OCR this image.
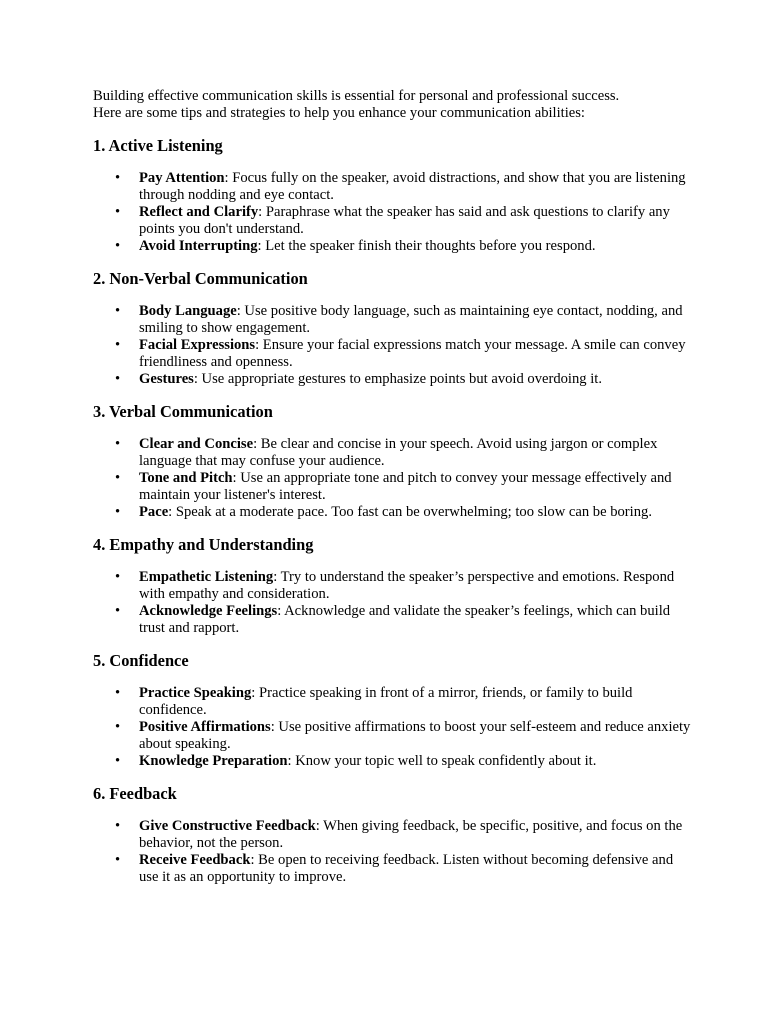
Building effective communication skills is essential for personal and professional success.
Here are some tips and strategies to help you enhance your communication abilities:

1. Active Listening
• Pay Attention: Focus fully on the speaker, avoid distractions, and show that you are listening through nodding and eye contact.
• Reflect and Clarify: Paraphrase what the speaker has said and ask questions to clarify any points you don't understand.
• Avoid Interrupting: Let the speaker finish their thoughts before you respond.
2. Non-Verbal Communication
• Body Language: Use positive body language, such as maintaining eye contact, nodding, and smiling to show engagement.
• Facial Expressions: Ensure your facial expressions match your message. A smile can convey friendliness and openness.
• Gestures: Use appropriate gestures to emphasize points but avoid overdoing it.
3. Verbal Communication
• Clear and Concise: Be clear and concise in your speech. Avoid using jargon or complex language that may confuse your audience.
• Tone and Pitch: Use an appropriate tone and pitch to convey your message effectively and maintain your listener's interest.
• Pace: Speak at a moderate pace. Too fast can be overwhelming; too slow can be boring.
4. Empathy and Understanding
• Empathetic Listening: Try to understand the speaker’s perspective and emotions. Respond with empathy and consideration.
• Acknowledge Feelings: Acknowledge and validate the speaker’s feelings, which can build trust and rapport.
5. Confidence
• Practice Speaking: Practice speaking in front of a mirror, friends, or family to build confidence.
• Positive Affirmations: Use positive affirmations to boost your self-esteem and reduce anxiety about speaking.
• Knowledge Preparation: Know your topic well to speak confidently about it.
6. Feedback
• Give Constructive Feedback: When giving feedback, be specific, positive, and focus on the behavior, not the person.
• Receive Feedback: Be open to receiving feedback. Listen without becoming defensive and use it as an opportunity to improve.
